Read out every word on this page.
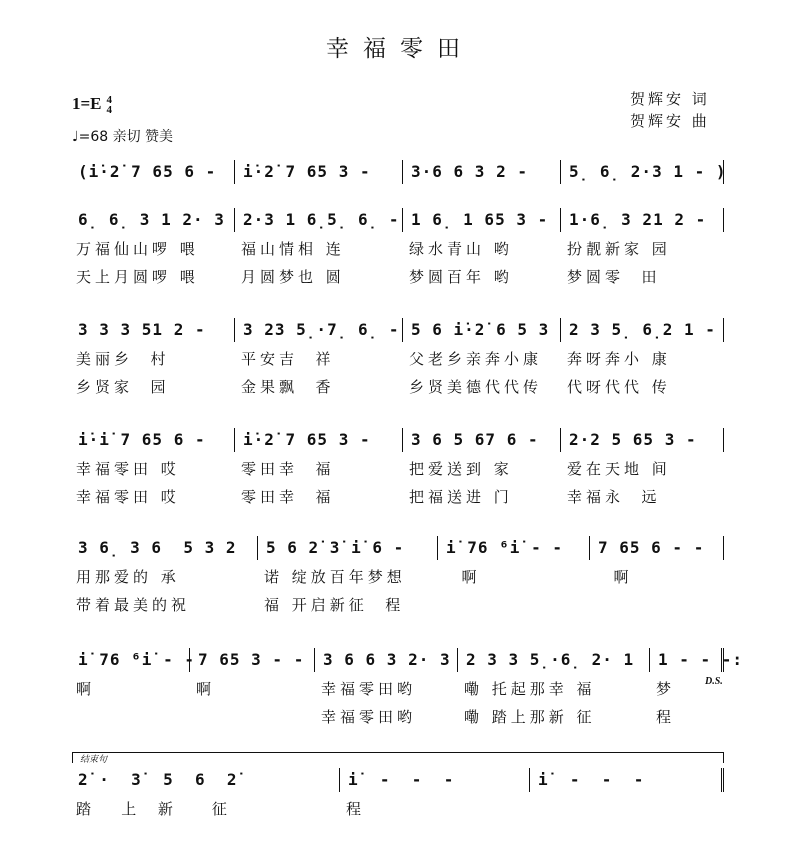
幸福零田
1=E 4
4
♩=68 亲切 赞美
贺辉安 词
贺辉安 曲
(i̇·2̇ 7 65 6 -	i̇·2̇ 7 65 3 -	3·6 6 3 2 -	5̣ 6̣ 2·3 1 - )
6̣ 6̣ 3 1 2· 3	2·3 1 6̣5̣ 6̣ - 1 6̣ 1 65 3 -	1·6̣ 3 21 2 -
万福仙山啰 喂	福山情相 连	绿水青山 哟	扮靓新家 园
天上月圆啰 喂	月圆梦也 圆	梦圆百年 哟	梦圆零  田
3 3 3 51 2 -	3 23 5̣·7̣ 6̣ - 5 6 i̇·2̇ 6 5 3	2 3 5̣ 6̣2 1 -
美丽乡  村	平安吉  祥	父老乡亲奔小康	奔呀奔小 康
乡贤家  园	金果飘  香	乡贤美德代代传	代呀代代 传
i̇·i̇ 7 65 6 -	i̇·2̇ 7 65 3 -	3 6 5 67 6 -	2·2 5 65 3 -
幸福零田 哎	零田幸  福	把爱送到 家	爱在天地 间
幸福零田 哎	零田幸  福	把福送进 门	幸福永  远
3 6̣ 3 6  5 3 2	5 6 2̇ 3̇ i̇ 6 -	i̇ 76 ⁶i̇ - -	7 65 6 - -
用那爱的 承	诺 绽放百年梦想	啊	啊
带着最美的祝	福 开启新征  程
i̇ 76 ⁶i̇ - - 7 65 3 - -	3 6 6 3 2· 3 2 3 3 5̣·6̣ 2· 1	1 - - -:
啊	啊	幸福零田哟	嘞 托起那幸 福	梦
幸福零田哟	嘞 踏上那新 征	程
D.S.
2̇ ·  3̇  5  6  2̇	i̇  -  -  -	i̇  -  -  -
踏   上  新    征	程
结束句
